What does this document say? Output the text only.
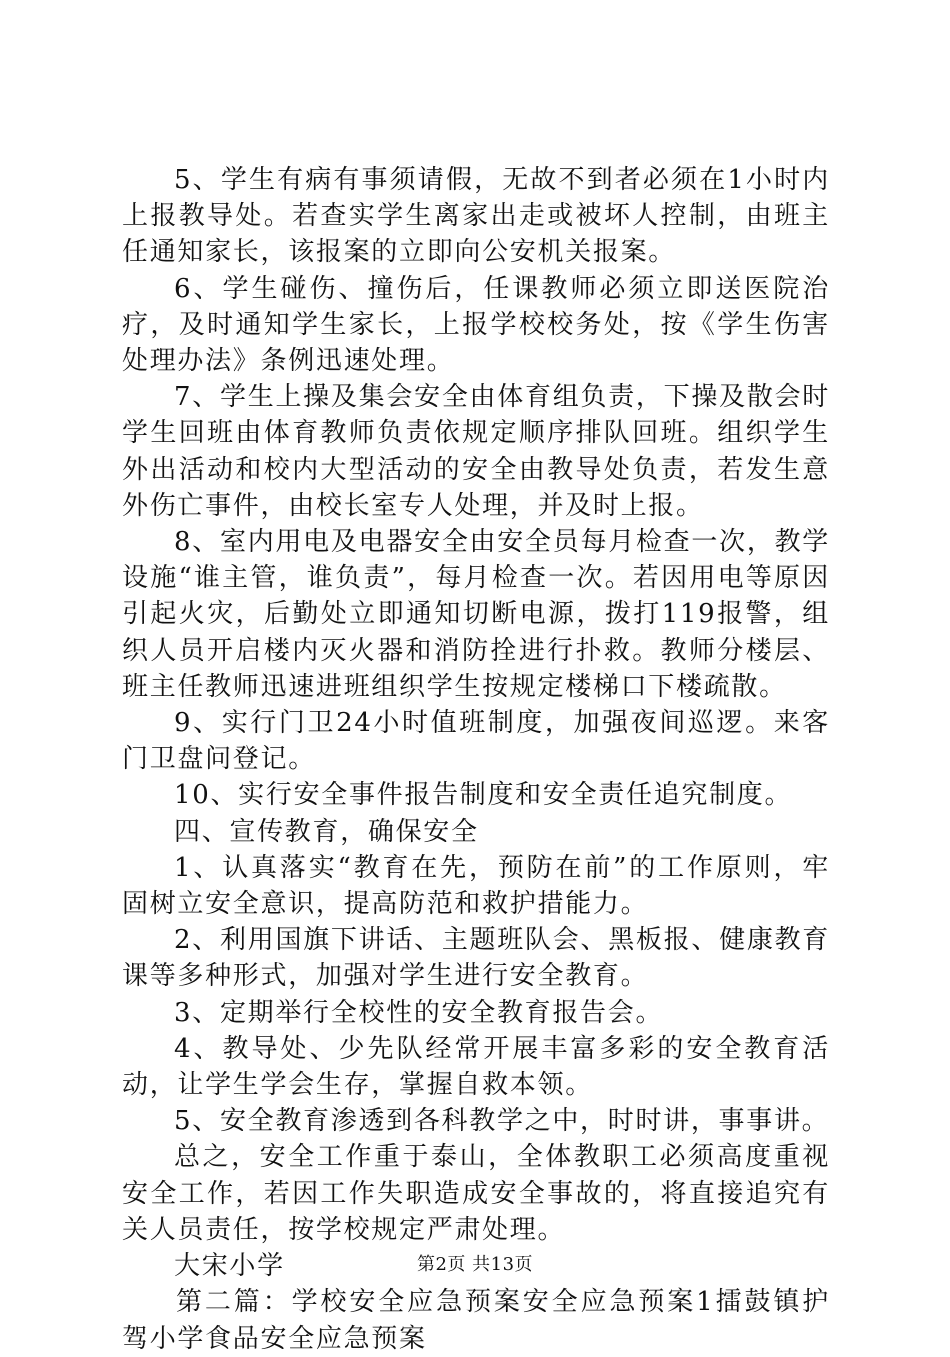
5、学生有病有事须请假，无故不到者必须在1小时内上报教导处。若查实学生离家出走或被坏人控制，由班主任通知家长，该报案的立即向公安机关报案。

6、学生碰伤、撞伤后，任课教师必须立即送医院治疗，及时通知学生家长，上报学校校务处，按《学生伤害处理办法》条例迅速处理。

7、学生上操及集会安全由体育组负责，下操及散会时学生回班由体育教师负责依规定顺序排队回班。组织学生外出活动和校内大型活动的安全由教导处负责，若发生意外伤亡事件，由校长室专人处理，并及时上报。

8、室内用电及电器安全由安全员每月检查一次，教学设施“谁主管，谁负责”，每月检查一次。若因用电等原因引起火灾，后勤处立即通知切断电源，拨打119报警，组织人员开启楼内灭火器和消防拴进行扑救。教师分楼层、班主任教师迅速进班组织学生按规定楼梯口下楼疏散。

9、实行门卫24小时值班制度，加强夜间巡逻。来客门卫盘问登记。

10、实行安全事件报告制度和安全责任追究制度。

四、宣传教育，确保安全

1、认真落实“教育在先，预防在前”的工作原则，牢固树立安全意识，提高防范和救护措能力。

2、利用国旗下讲话、主题班队会、黑板报、健康教育课等多种形式，加强对学生进行安全教育。

3、定期举行全校性的安全教育报告会。

4、教导处、少先队经常开展丰富多彩的安全教育活动，让学生学会生存，掌握自救本领。

5、安全教育渗透到各科教学之中，时时讲，事事讲。

总之，安全工作重于泰山，全体教职工必须高度重视安全工作，若因工作失职造成安全事故的，将直接追究有关人员责任，按学校规定严肃处理。

大宋小学

第二篇：学校安全应急预案安全应急预案1擂鼓镇护驾小学食品安全应急预案

第2页 共13页
